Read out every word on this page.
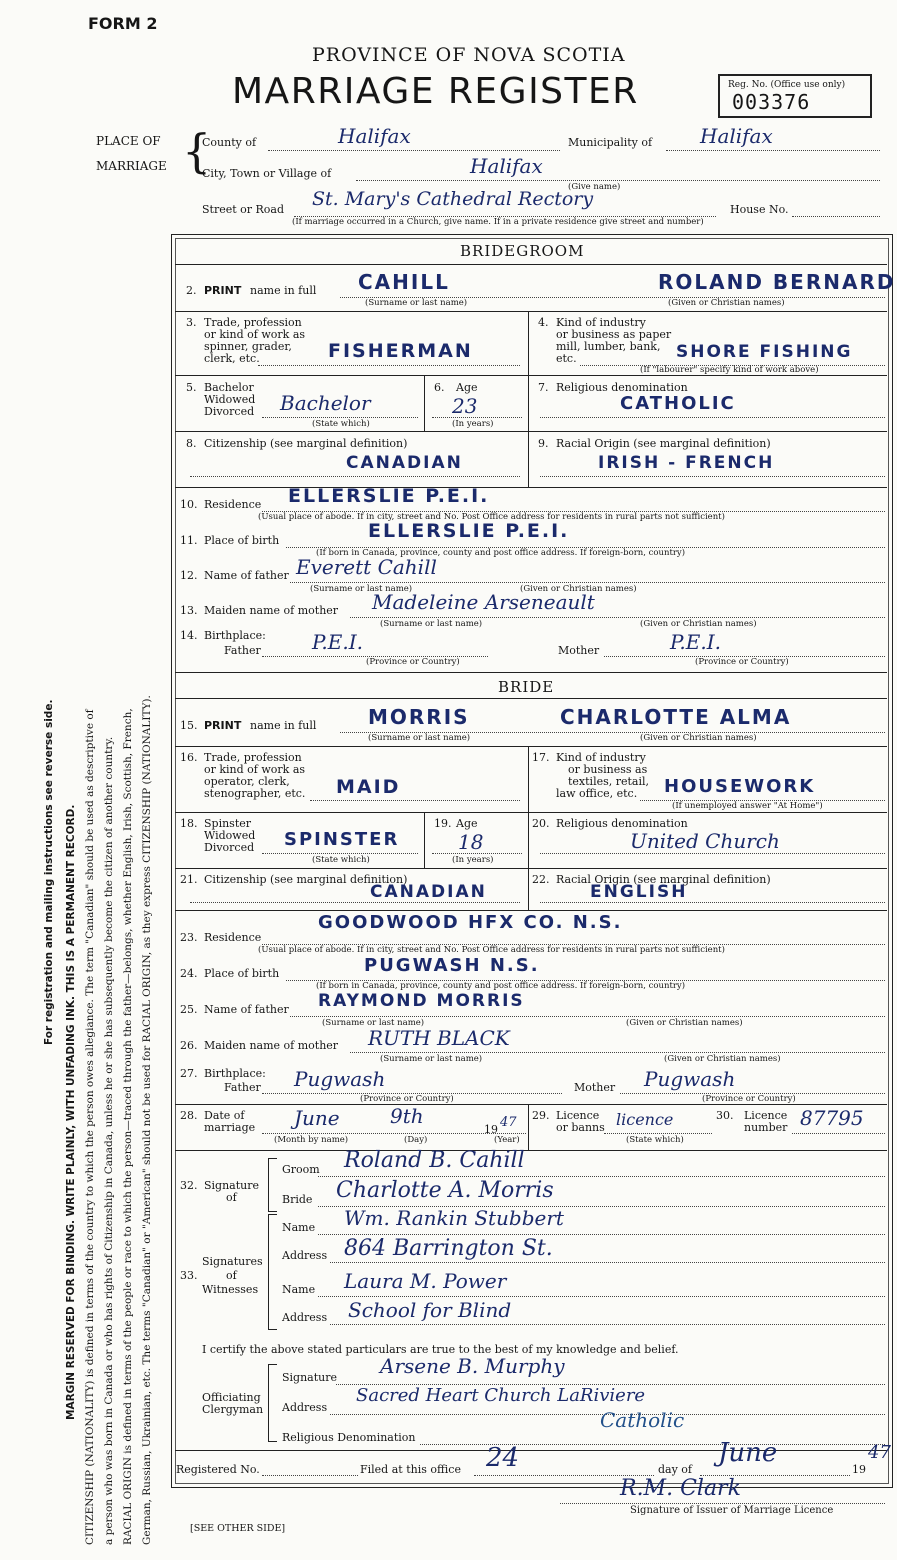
FORM 2
PROVINCE OF NOVA SCOTIA
MARRIAGE REGISTER	Reg. No. (Office use only)
003376
For registration and mailing instructions see reverse side. MARGIN RESERVED FOR BINDING. WRITE PLAINLY, WITH UNFADING INK. THIS IS A PERMANENT RECORD. CITIZENSHIP (NATIONALITY) is defined in terms of the country to which the person owes allegiance. The term "Canadian" should be used as descriptive of a person who was born in Canada or who has rights of Citizenship in Canada, unless he or she has subsequently become the citizen of another country. RACIAL ORIGIN is defined in terms of the people or race to which the person—traced through the father—belongs, whether English, Irish, Scottish, French, German, Russian, Ukrainian, etc. The terms "Canadian" or "American" should not be used for RACIAL ORIGIN, as they express CITIZENSHIP (NATIONALITY).
PLACE OF
MARRIAGE {
County of	Halifax	Municipality of Halifax
City, Town or Village of	Halifax
(Give name)
Street or Road St. Mary's Cathedral Rectory	House No.
(If marriage occurred in a Church, give name. If in a private residence give street and number)
BRIDEGROOM
2. PRINT name in full CAHILL	ROLAND BERNARD
(Surname or last name)	(Given or Christian names)
3. Trade, profession
or kind of work as
spinner, grader,
clerk, etc.	FISHERMAN
4. Kind of industry
or business as paper
mill, lumber, bank,
etc.	SHORE FISHING
(If "labourer" specify kind of work above)
5. Bachelor
Widowed
Divorced Bachelor
(State which)
6. Age
23
(In years)
7. Religious denomination
CATHOLIC
8. Citizenship (see marginal definition)
CANADIAN
9. Racial Origin (see marginal definition)
IRISH - FRENCH
10. Residence ELLERSLIE P.E.I.
(Usual place of abode. If in city, street and No. Post Office address for residents in rural parts not sufficient)
11. Place of birth	ELLERSLIE P.E.I.
(If born in Canada, province, county and post office address. If foreign-born, country)
12. Name of father Everett Cahill
(Surname or last name)	(Given or Christian names)
13. Maiden name of mother Madeleine Arseneault
(Surname or last name)	(Given or Christian names)
14. Birthplace:
Father	P.E.I.
(Province or Country)
Mother	P.E.I.
(Province or Country)
BRIDE
15. PRINT name in full	MORRIS	CHARLOTTE ALMA
(Surname or last name)	(Given or Christian names)
16. Trade, profession
or kind of work as
operator, clerk,
stenographer, etc. MAID
17. Kind of industry
or business as
textiles, retail,
law office, etc. HOUSEWORK
(If unemployed answer "At Home")
18. Spinster
Widowed
Divorced SPINSTER
(State which)
19. Age
18
(In years)
20. Religious denomination
United Church
21. Citizenship (see marginal definition)
CANADIAN
22. Racial Origin (see marginal definition)
ENGLISH
23. Residence
GOODWOOD HFX CO. N.S.
(Usual place of abode. If in city, street and No. Post Office address for residents in rural parts not sufficient)
24. Place of birth	PUGWASH N.S.
(If born in Canada, province, county and post office address. If foreign-born, country)
25. Name of father RAYMOND MORRIS
(Surname or last name)	(Given or Christian names)
26. Maiden name of mother RUTH BLACK
(Surname or last name)	(Given or Christian names)
27. Birthplace:
Father Pugwash
(Province or Country)
Mother Pugwash
(Province or Country)
28. Date of
marriage June	9th
19 47
(Month by name)	(Day)	(Year)
29. Licence
or banns licence
(State which)
30. Licence
number 87795
32. Signature
of
Groom Roland B. Cahill
Bride Charlotte A. Morris
33.
Signatures
of
Witnesses
Name Wm. Rankin Stubbert
Address 864 Barrington St.
Name Laura M. Power
Address School for Blind
I certify the above stated particulars are true to the best of my knowledge and belief.
Officiating
Clergyman
Signature Arsene B. Murphy
Address
Sacred Heart Church LaRiviere
Religious Denomination
Catholic
Registered No.	Filed at this office 24	day of
June
19
47
R.M. Clark
Signature of Issuer of Marriage Licence
[SEE OTHER SIDE]
